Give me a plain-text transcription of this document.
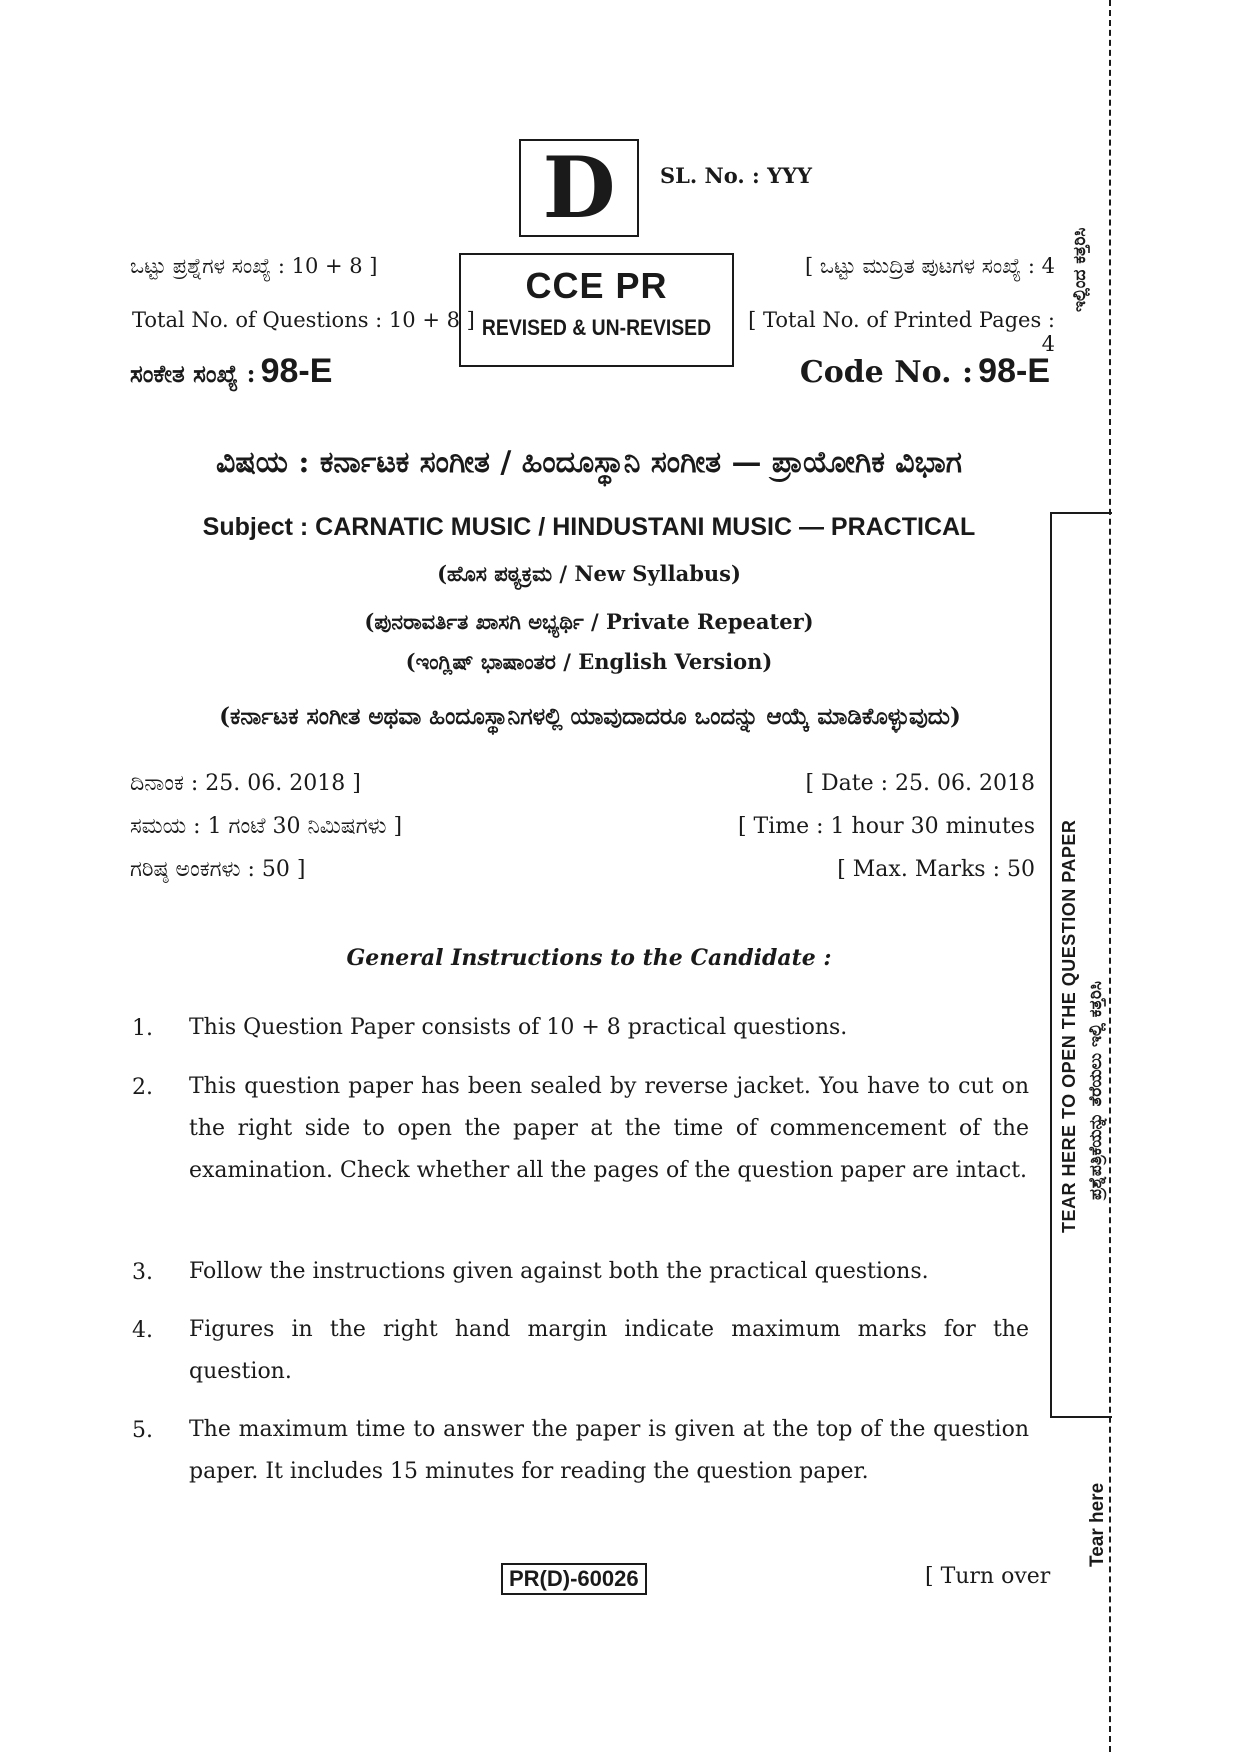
D SL. No. : YYY
CCE PR
REVISED & UN-REVISED
ಒಟ್ಟು ಪ್ರಶ್ನೆಗಳ ಸಂಖ್ಯೆ : 10 + 8 ]
Total No. of Questions : 10 + 8 ]
[ ಒಟ್ಟು ಮುದ್ರಿತ ಪುಟಗಳ ಸಂಖ್ಯೆ : 4
[ Total No. of Printed Pages : 4
ಸಂಕೇತ ಸಂಖ್ಯೆ : 98-E	Code No. : 98-E
ವಿಷಯ : ಕರ್ನಾಟಕ ಸಂಗೀತ / ಹಿಂದೂಸ್ಥಾನಿ ಸಂಗೀತ — ಪ್ರಾಯೋಗಿಕ ವಿಭಾಗ
Subject : CARNATIC MUSIC / HINDUSTANI MUSIC — PRACTICAL
(ಹೊಸ ಪಠ್ಯಕ್ರಮ / New Syllabus)
(ಪುನರಾವರ್ತಿತ ಖಾಸಗಿ ಅಭ್ಯರ್ಥಿ / Private Repeater)
(ಇಂಗ್ಲಿಷ್ ಭಾಷಾಂತರ / English Version)
(ಕರ್ನಾಟಕ ಸಂಗೀತ ಅಥವಾ ಹಿಂದೂಸ್ಥಾನಿಗಳಲ್ಲಿ ಯಾವುದಾದರೂ ಒಂದನ್ನು ಆಯ್ಕೆ ಮಾಡಿಕೊಳ್ಳುವುದು)
ದಿನಾಂಕ : 25. 06. 2018 ]	[ Date : 25. 06. 2018
ಸಮಯ : 1 ಗಂಟೆ 30 ನಿಮಿಷಗಳು ]	[ Time : 1 hour 30 minutes
ಗರಿಷ್ಠ ಅಂಕಗಳು : 50 ]	[ Max. Marks : 50
General Instructions to the Candidate :
1. This Question Paper consists of 10 + 8 practical questions.
2. This question paper has been sealed by reverse jacket. You have to cut on the right side to open the paper at the time of commencement of the examination. Check whether all the pages of the question paper are intact.
3. Follow the instructions given against both the practical questions.
4. Figures in the right hand margin indicate maximum marks for the question.
5. The maximum time to answer the paper is given at the top of the question paper. It includes 15 minutes for reading the question paper.
PR(D)-60026	[ Turn over
ಇಲ್ಲಿಂದ ಕತ್ತರಿಸಿ
TEAR HERE TO OPEN THE QUESTION PAPER ಪ್ರಶ್ನೆಪತ್ರಿಕೆಯನ್ನು ತೆರೆಯಲು ಇಲ್ಲಿ ಕತ್ತರಿಸಿ
Tear here
